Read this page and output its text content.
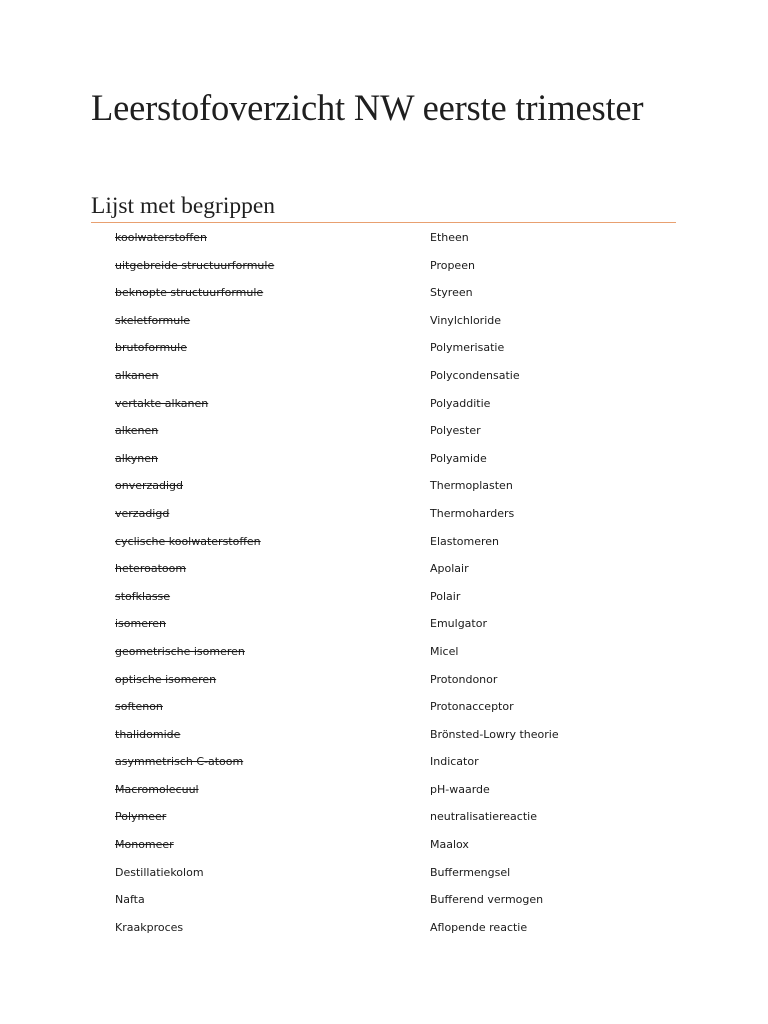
Leerstofoverzicht NW eerste trimester
Lijst met begrippen
koolwaterstoffen	Etheen
uitgebreide structuurformule	Propeen
beknopte structuurformule	Styreen
skeletformule	Vinylchloride
brutoformule	Polymerisatie
alkanen	Polycondensatie
vertakte alkanen	Polyadditie
alkenen	Polyester
alkynen	Polyamide
onverzadigd	Thermoplasten
verzadigd	Thermoharders
cyclische koolwaterstoffen	Elastomeren
heteroatoom	Apolair
stofklasse	Polair
isomeren	Emulgator
geometrische isomeren	Micel
optische isomeren	Protondonor
softenon	Protonacceptor
thalidomide	Brönsted-Lowry theorie
asymmetrisch C-atoom	Indicator
Macromolecuul	pH-waarde
Polymeer	neutralisatiereactie
Monomeer	Maalox
Destillatiekolom	Buffermengsel
Nafta	Bufferend vermogen
Kraakproces	Aflopende reactie
